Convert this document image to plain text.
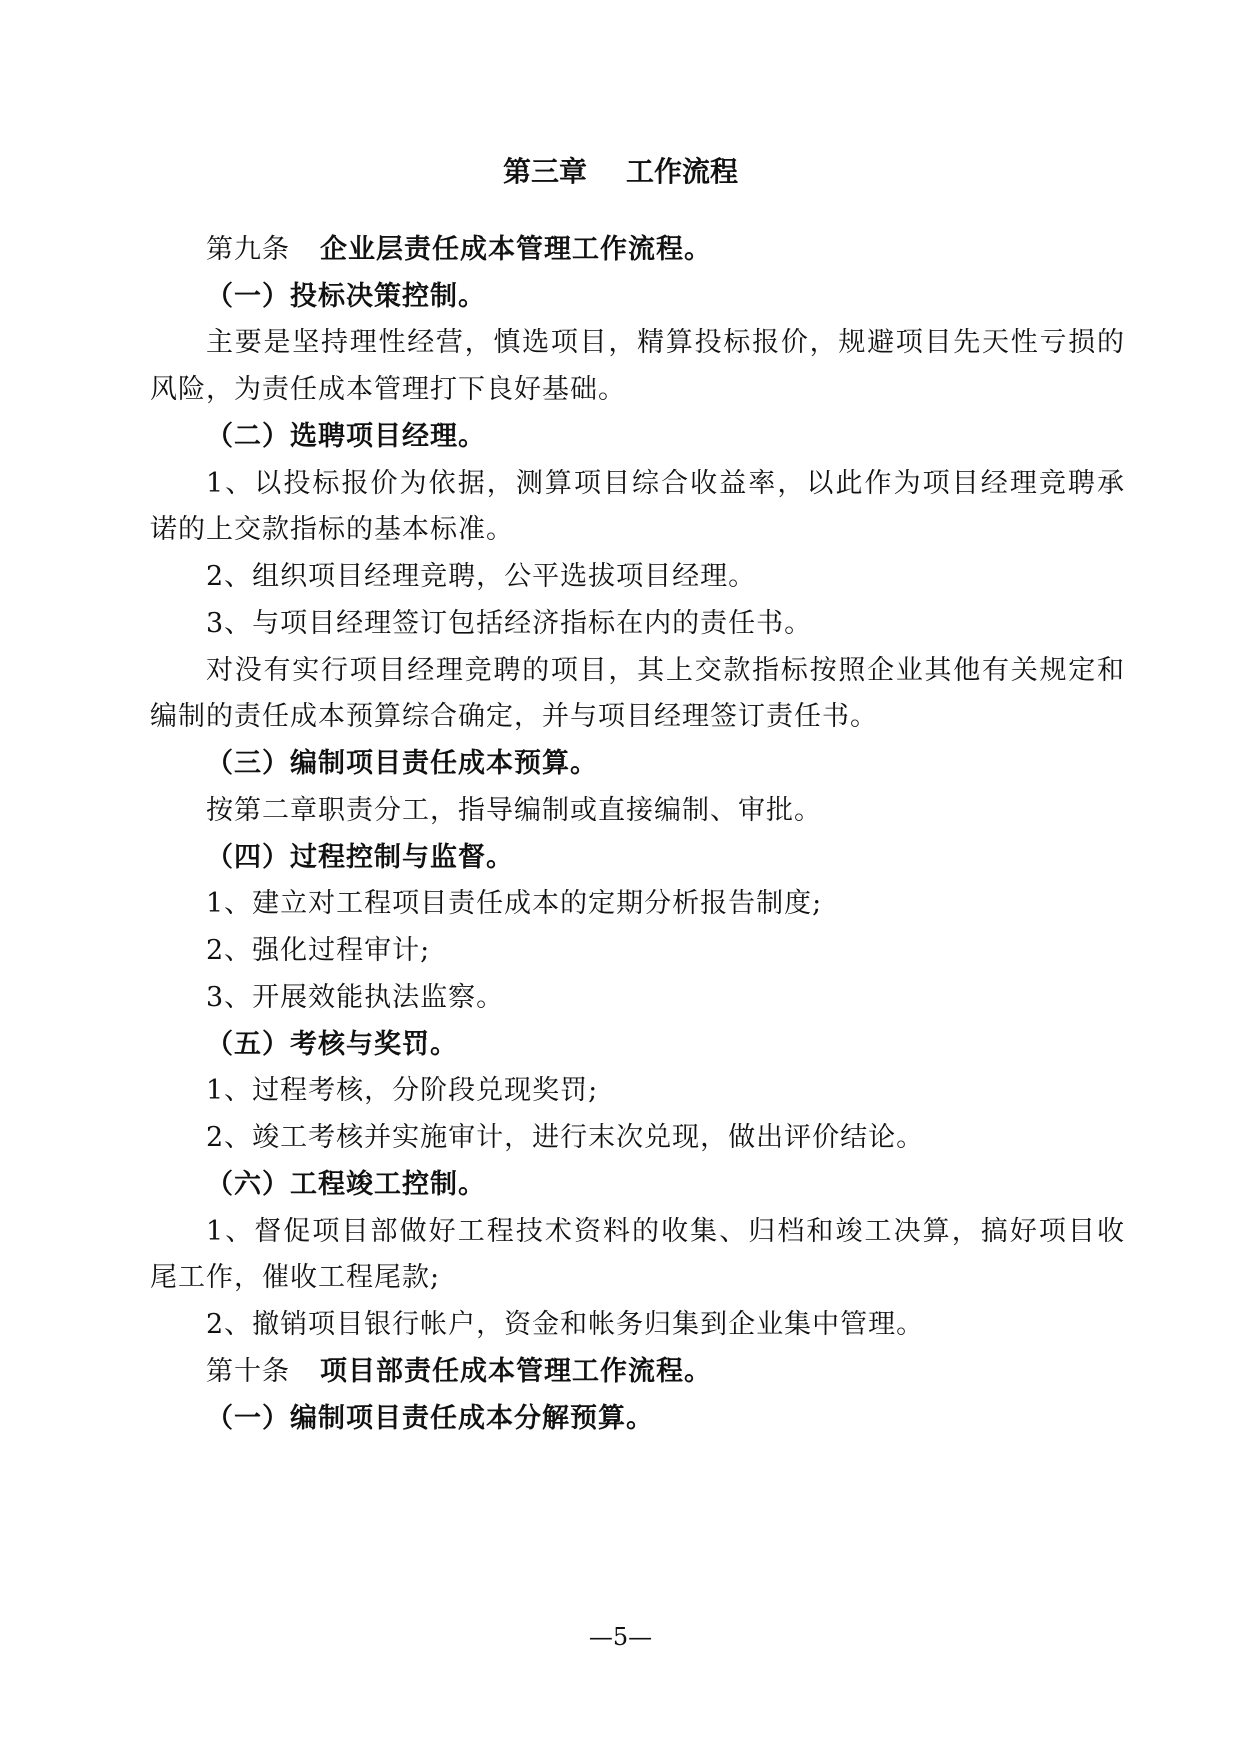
第三章    工作流程
第九条 企业层责任成本管理工作流程。
（一）投标决策控制。
主要是坚持理性经营，慎选项目，精算投标报价，规避项目先天性亏损的
风险，为责任成本管理打下良好基础。
（二）选聘项目经理。
1、以投标报价为依据，测算项目综合收益率，以此作为项目经理竞聘承
诺的上交款指标的基本标准。
2、组织项目经理竞聘，公平选拔项目经理。
3、与项目经理签订包括经济指标在内的责任书。
对没有实行项目经理竞聘的项目，其上交款指标按照企业其他有关规定和
编制的责任成本预算综合确定，并与项目经理签订责任书。
（三）编制项目责任成本预算。
按第二章职责分工，指导编制或直接编制、审批。
（四）过程控制与监督。
1、建立对工程项目责任成本的定期分析报告制度;
2、强化过程审计;
3、开展效能执法监察。
（五）考核与奖罚。
1、过程考核，分阶段兑现奖罚;
2、竣工考核并实施审计，进行末次兑现，做出评价结论。
（六）工程竣工控制。
1、督促项目部做好工程技术资料的收集、归档和竣工决算，搞好项目收
尾工作，催收工程尾款;
2、撤销项目银行帐户，资金和帐务归集到企业集中管理。
第十条 项目部责任成本管理工作流程。
（一）编制项目责任成本分解预算。
—5—
